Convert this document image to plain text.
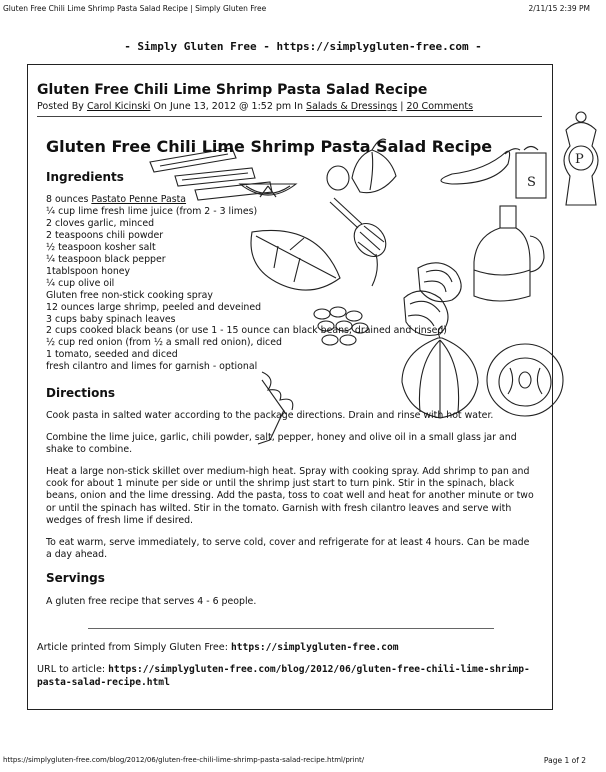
Gluten Free Chili Lime Shrimp Pasta Salad Recipe | Simply Gluten Free	2/11/15 2:39 PM
- Simply Gluten Free - https://simplygluten-free.com -
Gluten Free Chili Lime Shrimp Pasta Salad Recipe
Posted By Carol Kicinski On June 13, 2012 @ 1:52 pm In Salads & Dressings | 20 Comments
S
P
Gluten Free Chili Lime Shrimp Pasta Salad Recipe
Ingredients
8 ounces Pastato Penne Pasta
¼ cup lime fresh lime juice (from 2 - 3 limes)
2 cloves garlic, minced
2 teaspoons chili powder
½ teaspoon kosher salt
¼ teaspoon black pepper
1tablspoon honey
¼ cup olive oil
Gluten free non-stick cooking spray
12 ounces large shrimp, peeled and deveined
3 cups baby spinach leaves
2 cups cooked black beans (or use 1 - 15 ounce can black beans, drained and rinsed)
½ cup red onion (from ½ a small red onion), diced
1 tomato, seeded and diced
fresh cilantro and limes for garnish - optional
Directions
Cook pasta in salted water according to the package directions. Drain and rinse with hot water.
Combine the lime juice, garlic, chili powder, salt, pepper, honey and olive oil in a small glass jar and shake to combine.
Heat a large non-stick skillet over medium-high heat. Spray with cooking spray. Add shrimp to pan and cook for about 1 minute per side or until the shrimp just start to turn pink. Stir in the spinach, black beans, onion and the lime dressing. Add the pasta, toss to coat well and heat for another minute or two or until the spinach has wilted. Stir in the tomato. Garnish with fresh cilantro leaves and serve with wedges of fresh lime if desired.
To eat warm, serve immediately, to serve cold, cover and refrigerate for at least 4 hours. Can be made a day ahead.
Servings
A gluten free recipe that serves 4 - 6 people.
Article printed from Simply Gluten Free: https://simplygluten-free.com
URL to article: https://simplygluten-free.com/blog/2012/06/gluten-free-chili-lime-shrimp-pasta-salad-recipe.html
https://simplygluten-free.com/blog/2012/06/gluten-free-chili-lime-shrimp-pasta-salad-recipe.html/print/	Page 1 of 2
